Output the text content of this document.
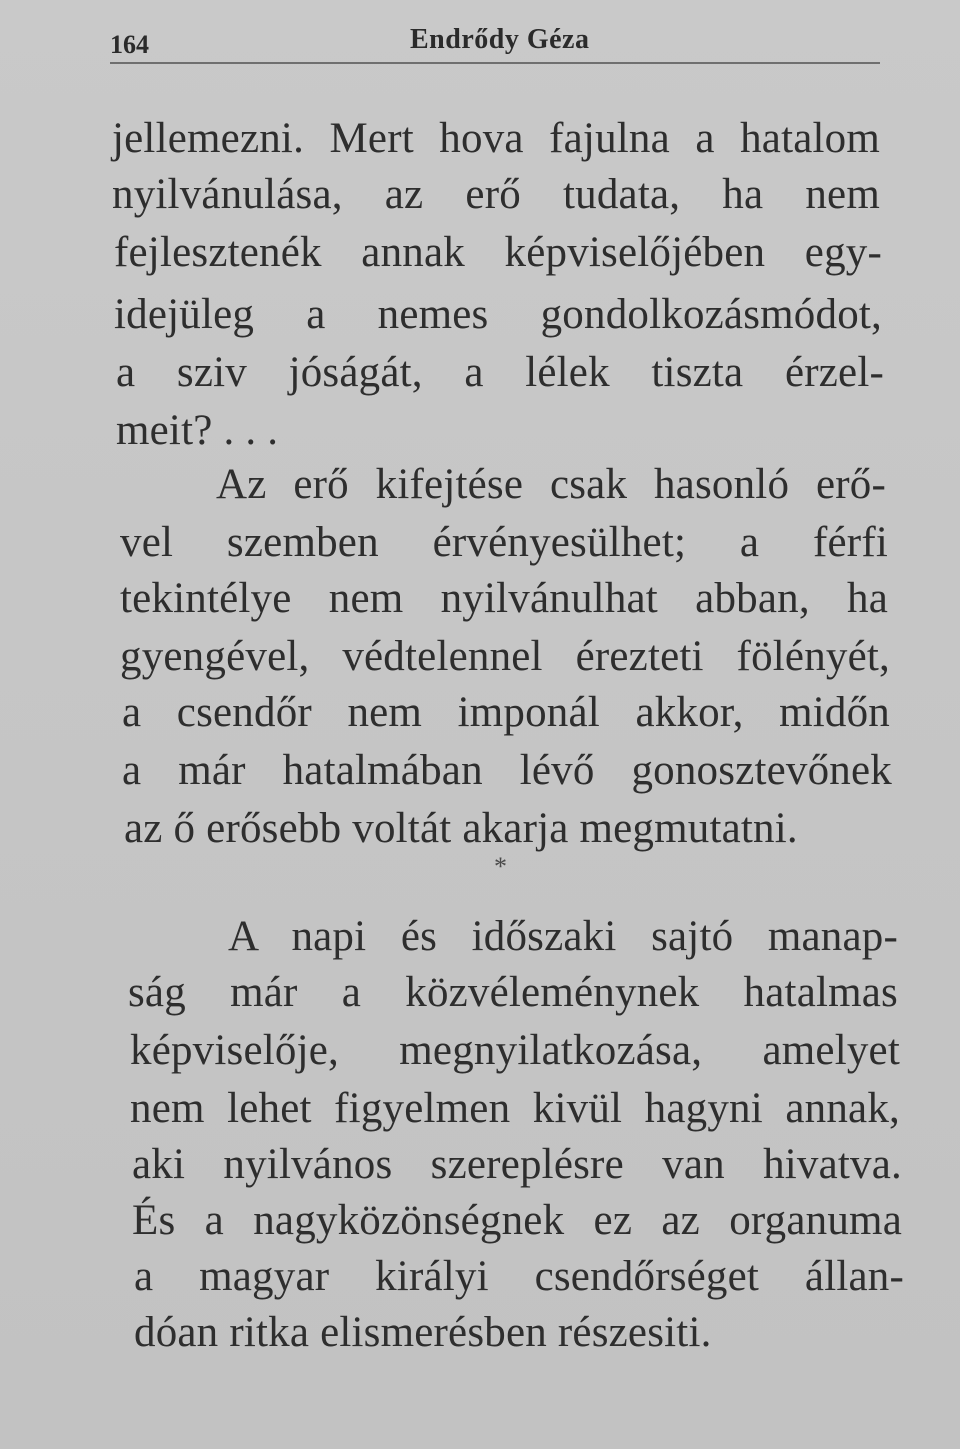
164	Endrődy Géza

jellemezni. Mert hova fajulna a hatalom

nyilvánulása, az erő tudata, ha nem

fejlesztenék annak képviselőjében egy-

idejüleg a nemes gondolkozásmódot,

a sziv jóságát, a lélek tiszta érzel-

meit? . . .

Az erő kifejtése csak hasonló erő-

vel szemben érvényesülhet; a férfi

tekintélye nem nyilvánulhat abban, ha

gyengével, védtelennel érezteti fölényét,

a csendőr nem imponál akkor, midőn

a már hatalmában lévő gonosztevőnek

az ő erősebb voltát akarja megmutatni.

*

A napi és időszaki sajtó manap-

ság már a közvéleménynek hatalmas

képviselője, megnyilatkozása, amelyet

nem lehet figyelmen kivül hagyni annak,

aki nyilvános szereplésre van hivatva.

És a nagyközönségnek ez az organuma

a magyar királyi csendőrséget állan-

dóan ritka elismerésben részesiti.
